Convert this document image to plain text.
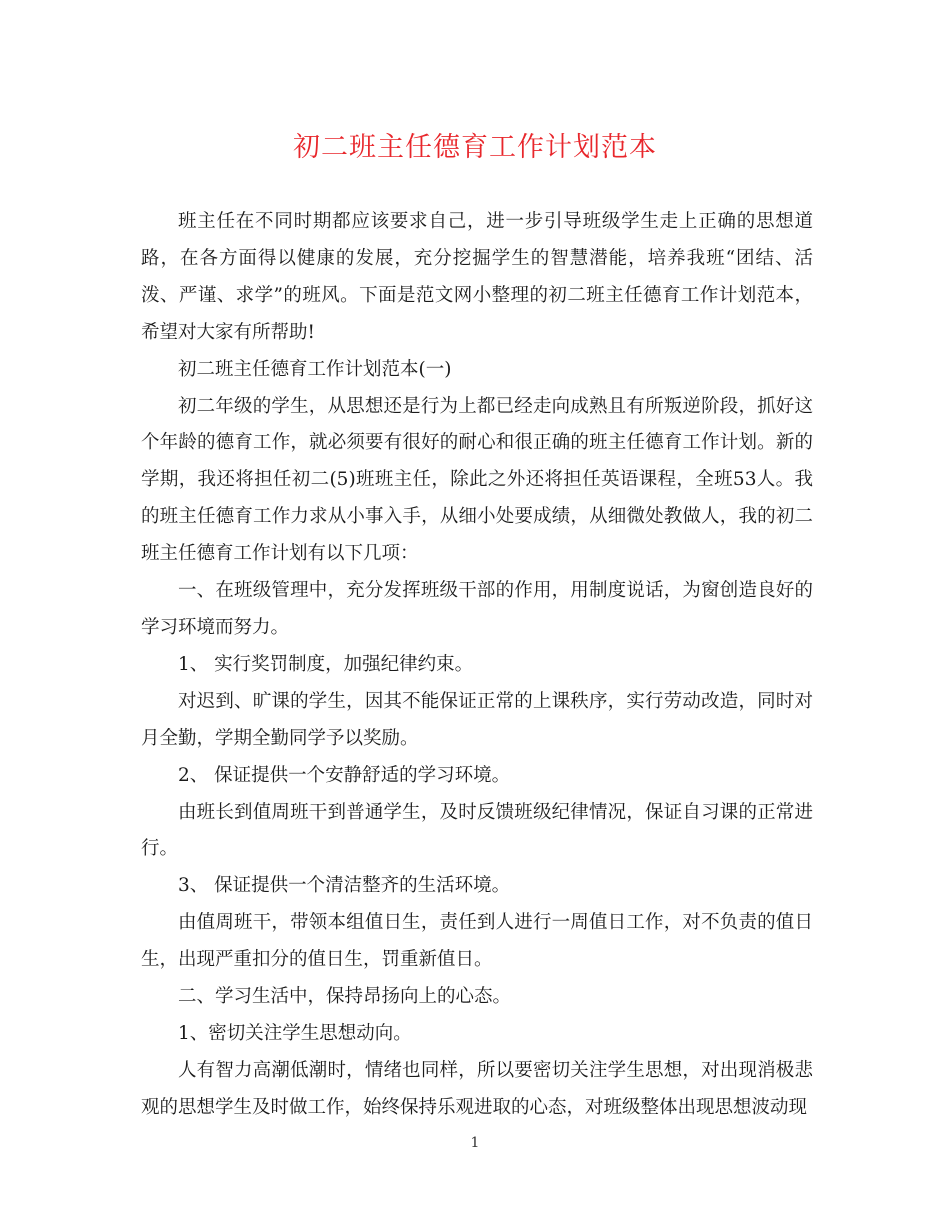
初二班主任德育工作计划范本

班主任在不同时期都应该要求自己，进一步引导班级学生走上正确的思想道路，在各方面得以健康的发展，充分挖掘学生的智慧潜能，培养我班“团结、活泼、严谨、求学”的班风。下面是范文网小整理的初二班主任德育工作计划范本，希望对大家有所帮助!

初二班主任德育工作计划范本(一)

初二年级的学生，从思想还是行为上都已经走向成熟且有所叛逆阶段，抓好这个年龄的德育工作，就必须要有很好的耐心和很正确的班主任德育工作计划。新的学期，我还将担任初二(5)班班主任，除此之外还将担任英语课程，全班53人。我的班主任德育工作力求从小事入手，从细小处要成绩，从细微处教做人，我的初二班主任德育工作计划有以下几项：

一、在班级管理中，充分发挥班级干部的作用，用制度说话，为窗创造良好的学习环境而努力。

1、 实行奖罚制度，加强纪律约束。

对迟到、旷课的学生，因其不能保证正常的上课秩序，实行劳动改造，同时对月全勤，学期全勤同学予以奖励。

2、 保证提供一个安静舒适的学习环境。

由班长到值周班干到普通学生，及时反馈班级纪律情况，保证自习课的正常进行。

3、 保证提供一个清洁整齐的生活环境。

由值周班干，带领本组值日生，责任到人进行一周值日工作，对不负责的值日生，出现严重扣分的值日生，罚重新值日。

二、学习生活中，保持昂扬向上的心态。

1、密切关注学生思想动向。

人有智力高潮低潮时，情绪也同样，所以要密切关注学生思想，对出现消极悲观的思想学生及时做工作，始终保持乐观进取的心态，对班级整体出现思想波动现

1
